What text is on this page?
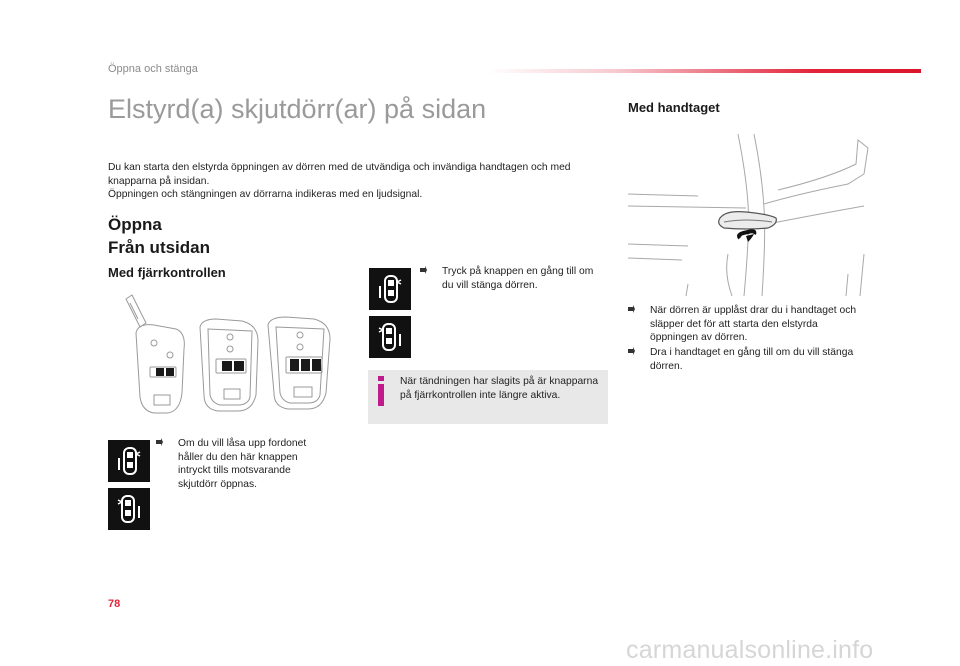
Öppna och stänga
Elstyrd(a) skjutdörr(ar) på sidan
Du kan starta den elstyrda öppningen av dörren med de utvändiga och invändiga handtagen och med knapparna på insidan.
Öppningen och stängningen av dörrarna indikeras med en ljudsignal.
Öppna
Från utsidan
Med fjärrkontrollen
Om du vill låsa upp fordonet håller du den här knappen intryckt tills motsvarande skjutdörr öppnas.
Tryck på knappen en gång till om du vill stänga dörren.
När tändningen har slagits på är knapparna på fjärrkontrollen inte längre aktiva.
Med handtaget
När dörren är upplåst drar du i handtaget och släpper det för att starta den elstyrda öppningen av dörren.
Dra i handtaget en gång till om du vill stänga dörren.
78
carmanualsonline.info
